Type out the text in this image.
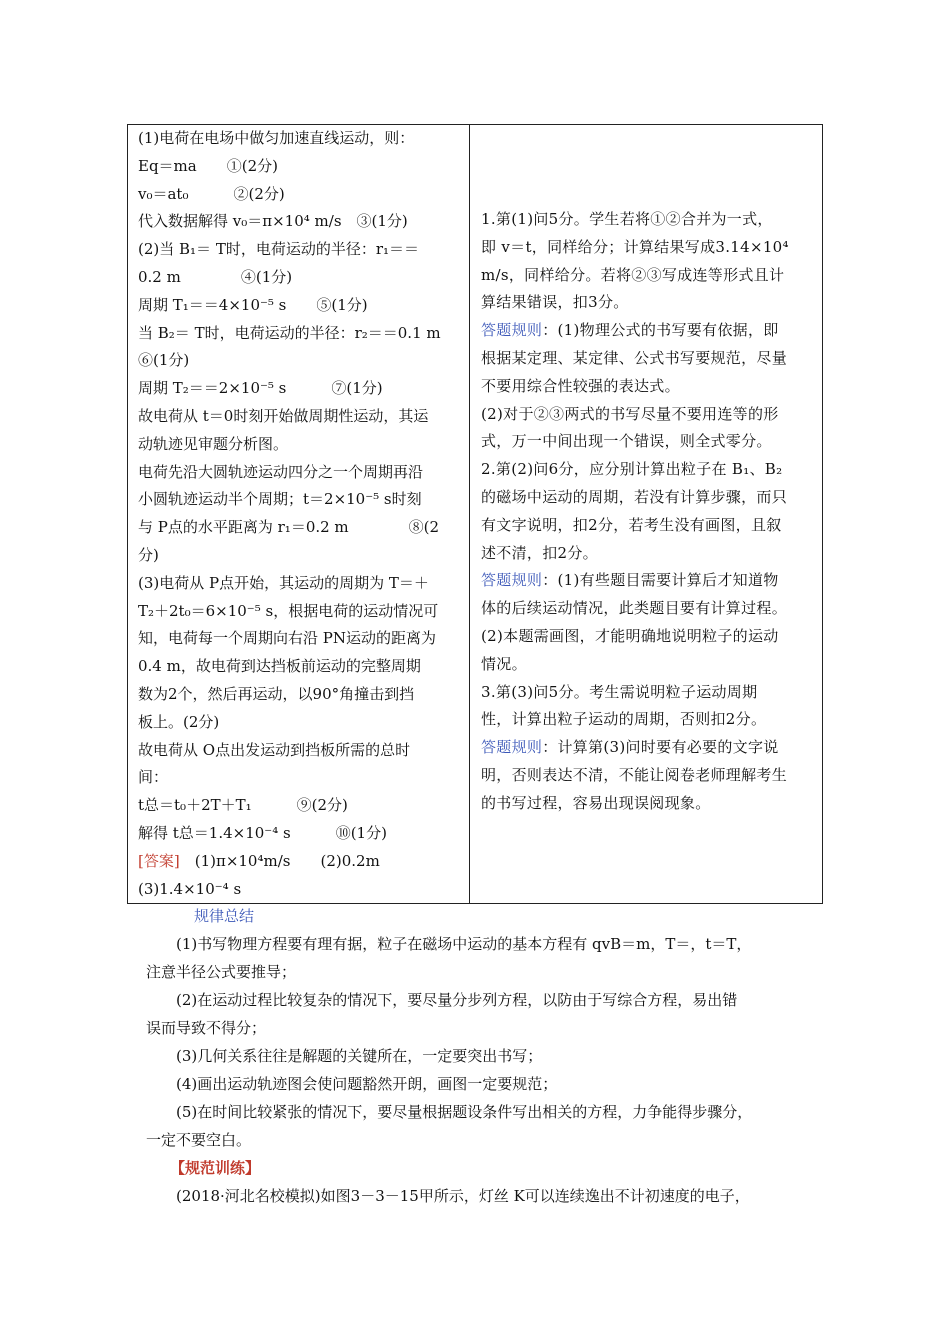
(1)电荷在电场中做匀加速直线运动，则：
Eq＝ma　　①(2分)
v₀＝at₀　　　②(2分)
代入数据解得 v₀＝π×10⁴ m/s　③(1分)
(2)当 B₁＝ T时，电荷运动的半径：r₁＝＝
0.2 m　　　　④(1分)
周期 T₁＝＝4×10⁻⁵ s　　⑤(1分)
当 B₂＝ T时，电荷运动的半径：r₂＝＝0.1 m
⑥(1分)
周期 T₂＝＝2×10⁻⁵ s　　　⑦(1分)
故电荷从 t＝0时刻开始做周期性运动，其运
动轨迹见审题分析图。
电荷先沿大圆轨迹运动四分之一个周期再沿
小圆轨迹运动半个周期；t＝2×10⁻⁵ s时刻
与 P点的水平距离为 r₁＝0.2 m　　　　⑧(2
分)
(3)电荷从 P点开始，其运动的周期为 T＝＋
T₂＋2t₀＝6×10⁻⁵ s，根据电荷的运动情况可
知，电荷每一个周期向右沿 PN运动的距离为
0.4 m，故电荷到达挡板前运动的完整周期
数为2个，然后再运动，以90°角撞击到挡
板上。(2分)
故电荷从 O点出发运动到挡板所需的总时
间：
t总＝t₀＋2T＋T₁　　　⑨(2分)
解得 t总＝1.4×10⁻⁴ s　　　⑩(1分)
[答案]　(1)π×10⁴m/s　　(2)0.2m
(3)1.4×10⁻⁴ s
1.第(1)问5分。学生若将①②合并为一式，
即 v＝t，同样给分；计算结果写成3.14×10⁴
m/s，同样给分。若将②③写成连等形式且计
算结果错误，扣3分。
答题规则：(1)物理公式的书写要有依据，即
根据某定理、某定律、公式书写要规范，尽量
不要用综合性较强的表达式。
(2)对于②③两式的书写尽量不要用连等的形
式，万一中间出现一个错误，则全式零分。
2.第(2)问6分，应分别计算出粒子在 B₁、B₂
的磁场中运动的周期，若没有计算步骤，而只
有文字说明，扣2分，若考生没有画图，且叙
述不清，扣2分。
答题规则：(1)有些题目需要计算后才知道物
体的后续运动情况，此类题目要有计算过程。
(2)本题需画图，才能明确地说明粒子的运动
情况。
3.第(3)问5分。考生需说明粒子运动周期
性，计算出粒子运动的周期，否则扣2分。
答题规则：计算第(3)问时要有必要的文字说
明，否则表达不清，不能让阅卷老师理解考生
的书写过程，容易出现误阅现象。
规律总结
(1)书写物理方程要有理有据，粒子在磁场中运动的基本方程有 qvB＝m，T＝，t＝T，
注意半径公式要推导；
(2)在运动过程比较复杂的情况下，要尽量分步列方程，以防由于写综合方程，易出错
误而导致不得分；
(3)几何关系往往是解题的关键所在，一定要突出书写；
(4)画出运动轨迹图会使问题豁然开朗，画图一定要规范；
(5)在时间比较紧张的情况下，要尽量根据题设条件写出相关的方程，力争能得步骤分，
一定不要空白。
【规范训练】
(2018·河北名校模拟)如图3－3－15甲所示，灯丝 K可以连续逸出不计初速度的电子，
